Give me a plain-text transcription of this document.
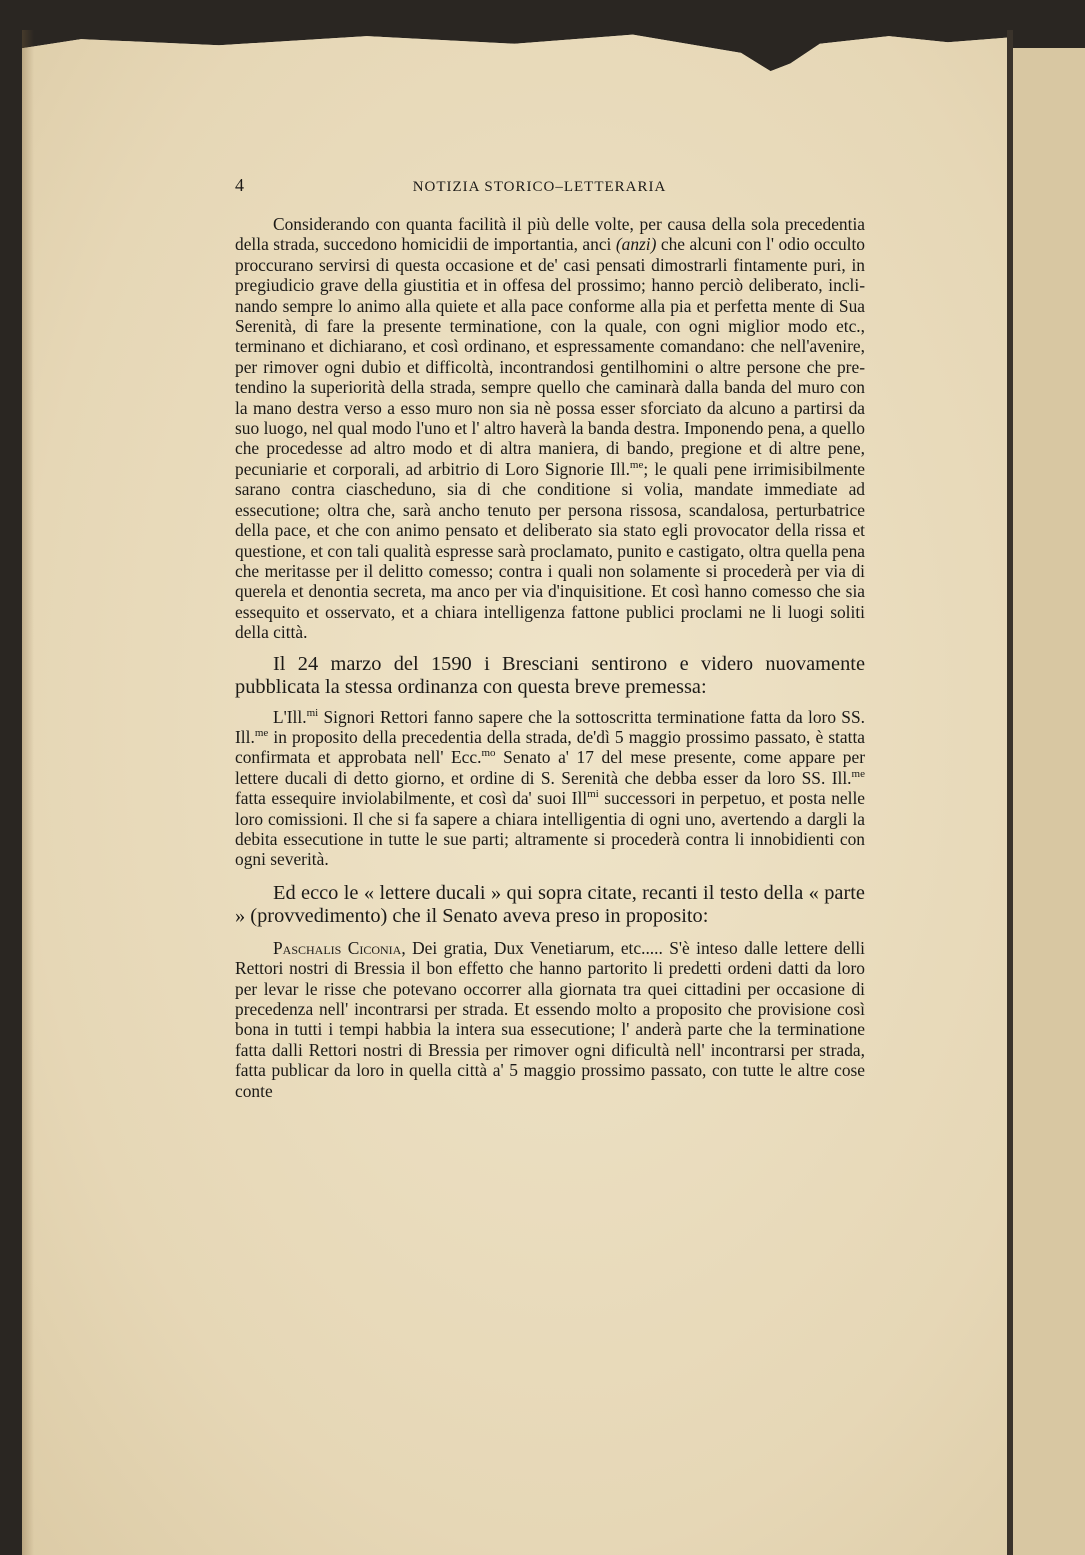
4	NOTIZIA STORICO–LETTERARIA

Considerando con quanta facilità il più delle volte, per causa della sola precedentia della strada, succedono homicidii de importantia, anci (anzi) che alcuni con l' odio occulto proccurano servirsi di questa occasione et de' casi pensati dimostrarli fintamente puri, in pregiudicio grave della giustitia et in offesa del prossimo; hanno perciò deliberato, inclinando sempre lo animo alla quiete et alla pace conforme alla pia et perfetta mente di Sua Serenità, di fare la presente terminatione, con la quale, con ogni miglior modo etc., terminano et dichiarano, et così ordinano, et espressamente comandano: che nell'avenire, per rimover ogni dubio et difficoltà, incontrandosi gentilhomini o altre persone che pretendino la superiorità della strada, sempre quello che caminarà dalla banda del muro con la mano destra verso a esso muro non sia nè possa esser sforciato da alcuno a partirsi da suo luogo, nel qual modo l'uno et l' altro haverà la banda destra. Imponendo pena, a quello che procedesse ad altro modo et di altra maniera, di bando, pregione et di altre pene, pecuniarie et corporali, ad arbitrio di Loro Signorie Ill.$^{me}$; le quali pene irrimisibilmente sarano contra ciascheduno, sia di che conditione si volia, mandate immediate ad essecutione; oltra che, sarà ancho tenuto per persona rissosa, scandalosa, perturbatrice della pace, et che con animo pensato et deliberato sia stato egli provocator della rissa et questione, et con tali qualità espresse sarà proclamato, punito e castigato, oltra quella pena che meritasse per il delitto comesso; contra i quali non solamente si procederà per via di querela et denontia secreta, ma anco per via d'inquisitione. Et così hanno comesso che sia essequito et osservato, et a chiara intelligenza fattone publici proclami ne li luogi soliti della città.

Il 24 marzo del 1590 i Bresciani sentirono e videro nuovamente pubblicata la stessa ordinanza con questa breve premessa:

L'Ill.$^{mi}$ Signori Rettori fanno sapere che la sottoscritta terminatione fatta da loro SS. Ill.$^{me}$ in proposito della precedentia della strada, de'dì 5 maggio prossimo passato, è statta confirmata et approbata nell' Ecc.$^{mo}$ Senato a' 17 del mese presente, come appare per lettere ducali di detto giorno, et ordine di S. Serenità che debba esser da loro SS. Ill.$^{me}$ fatta essequire inviolabilmente, et così da' suoi Ill$^{mi}$ successori in perpetuo, et posta nelle loro comissioni. Il che si fa sapere a chiara intelligentia di ogni uno, avertendo a dargli la debita essecutione in tutte le sue parti; altramente si procederà contra li innobidienti con ogni severità.

Ed ecco le « lettere ducali » qui sopra citate, recanti il testo della « parte » (provvedimento) che il Senato aveva preso in proposito:

Paschalis Ciconia, Dei gratia, Dux Venetiarum, etc..... S'è inteso dalle lettere delli Rettori nostri di Bressia il bon effetto che hanno partorito li predetti ordeni datti da loro per levar le risse che potevano occorrer alla giornata tra quei cittadini per occasione di precedenza nell' incontrarsi per strada. Et essendo molto a proposito che provisione così bona in tutti i tempi habbia la intera sua essecutione; l' anderà parte che la terminatione fatta dalli Rettori nostri di Bressia per rimover ogni dificultà nell' incontrarsi per strada, fatta publicar da loro in quella città a' 5 maggio prossimo passato, con tutte le altre cose conte
